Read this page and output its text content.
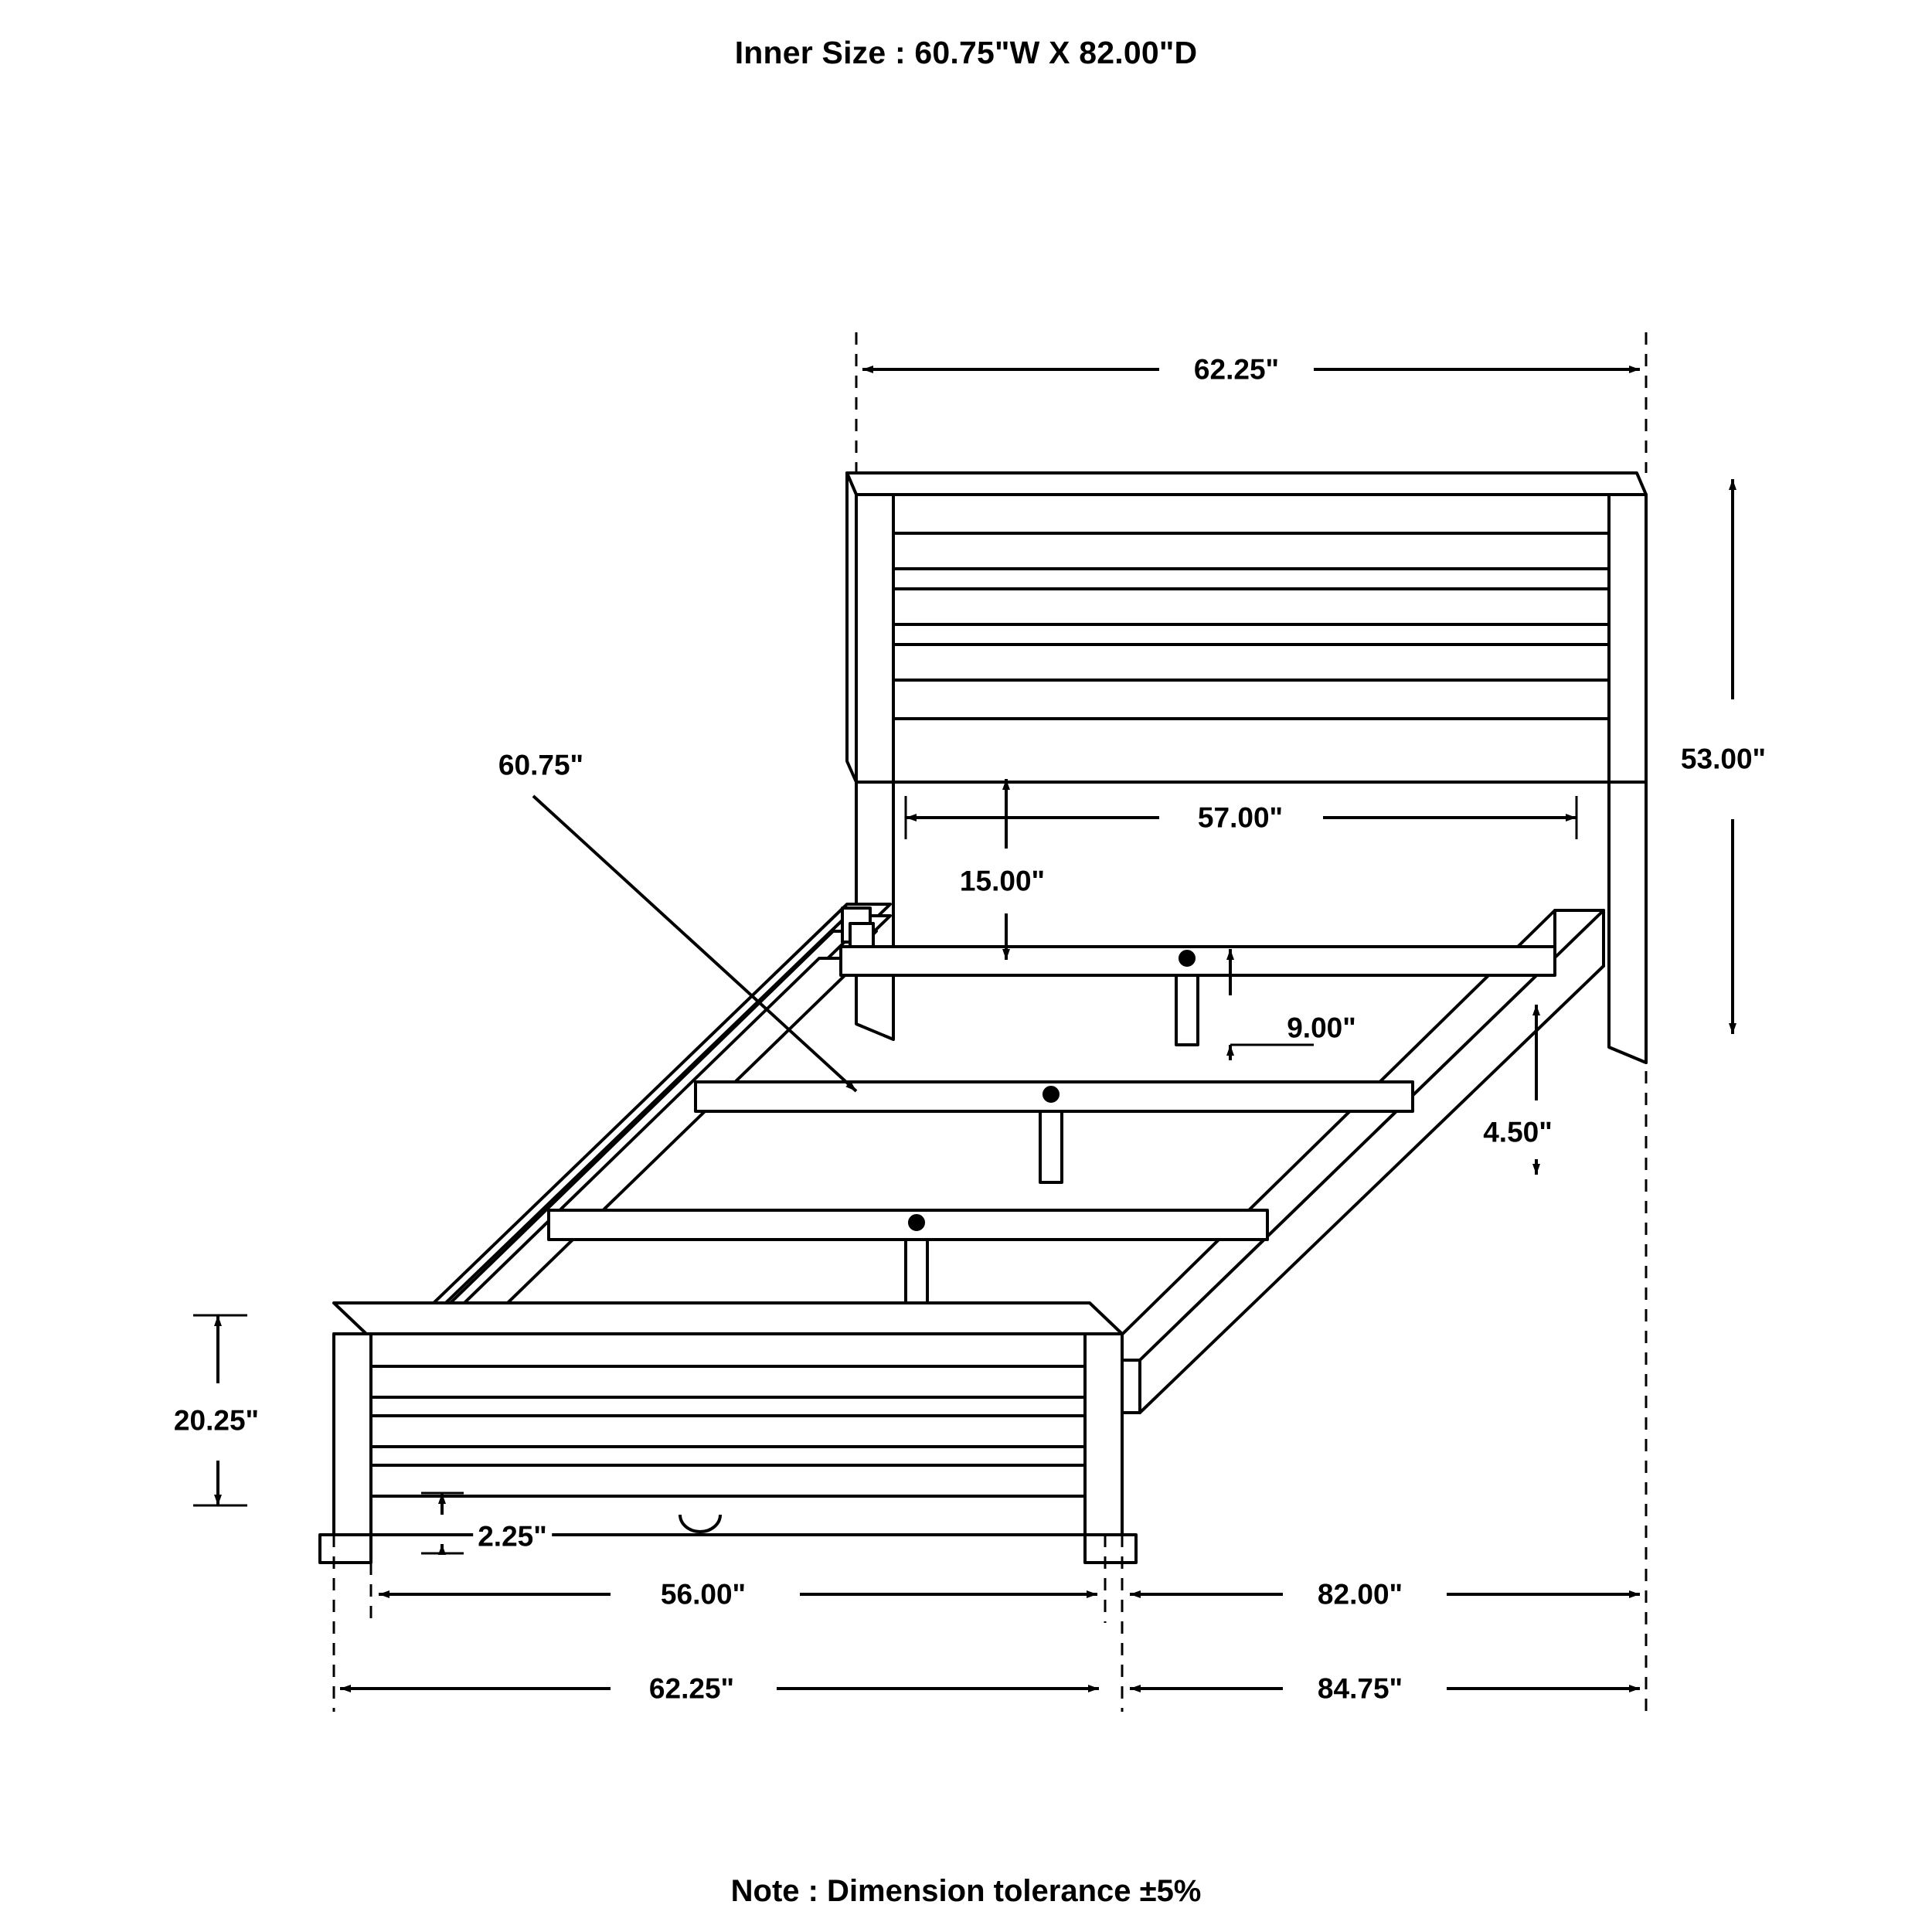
Inner Size : 60.75"W X 82.00"D
62.25"
53.00"
57.00"
15.00"
9.00"
4.50"
60.75"
20.25"
2.25"
56.00"	82.00"
62.25"	84.75"
Note : Dimension tolerance ±5%
